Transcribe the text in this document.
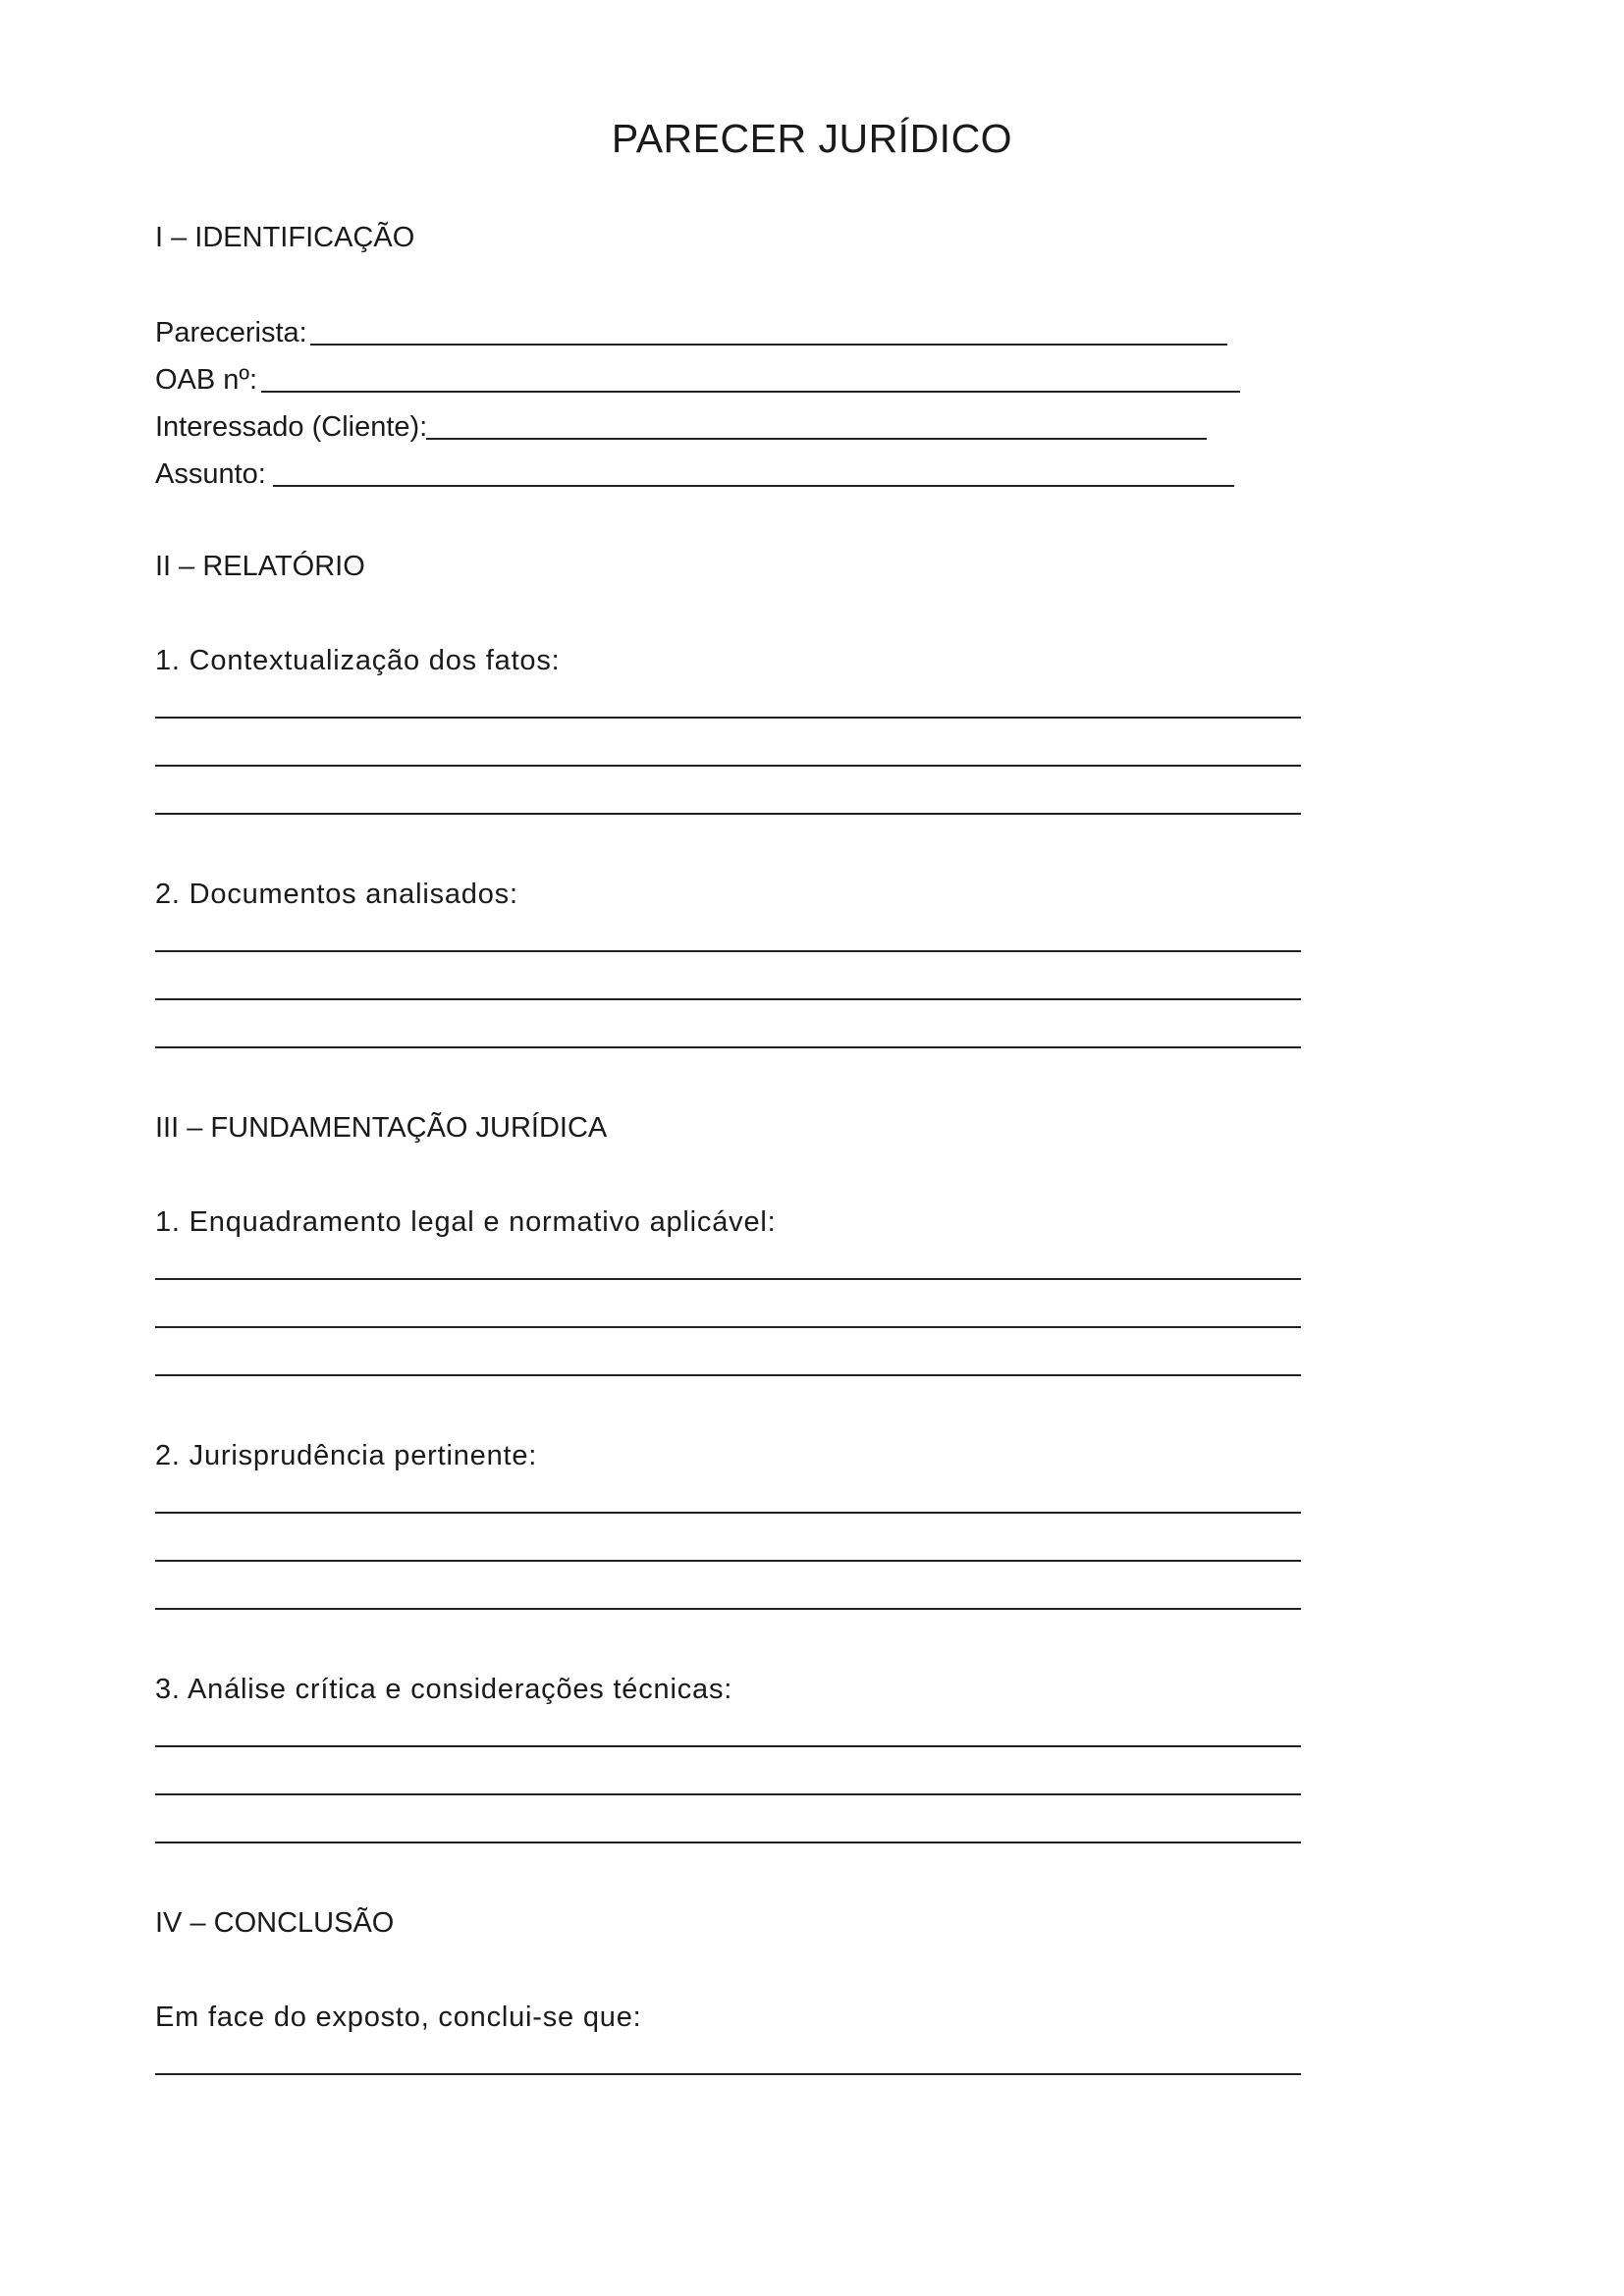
PARECER JURÍDICO
I – IDENTIFICAÇÃO
Parecerista:
OAB nº:
Interessado (Cliente):
Assunto:
II – RELATÓRIO
1. Contextualização dos fatos:
2. Documentos analisados:
III – FUNDAMENTAÇÃO JURÍDICA
1. Enquadramento legal e normativo aplicável:
2. Jurisprudência pertinente:
3. Análise crítica e considerações técnicas:
IV – CONCLUSÃO
Em face do exposto, conclui-se que:
